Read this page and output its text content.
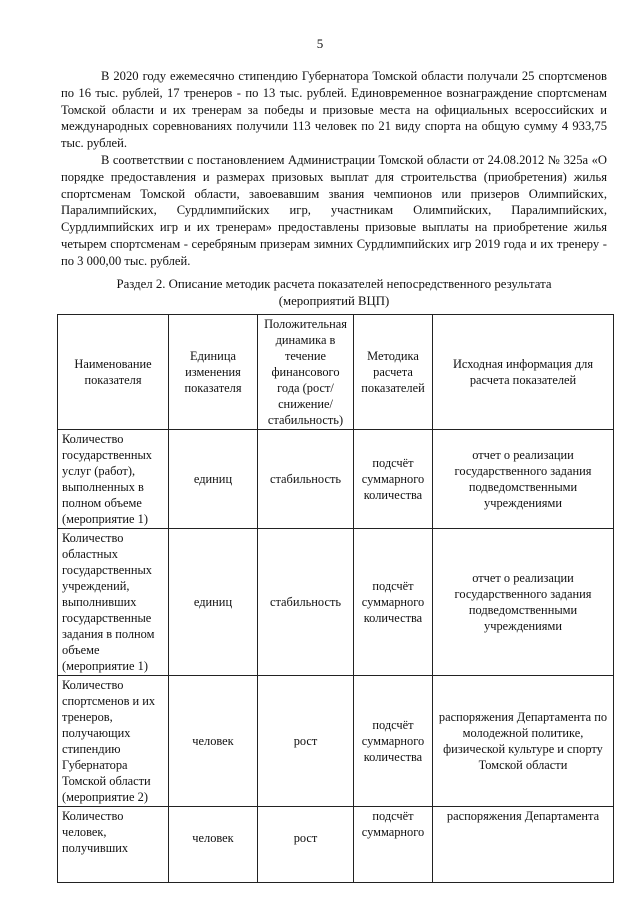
5

В 2020 году ежемесячно стипендию Губернатора Томской области получали 25 спортсменов по 16 тыс. рублей, 17 тренеров - по 13 тыс. рублей. Единовременное вознаграждение спортсменам Томской области и их тренерам за победы и призовые места на официальных всероссийских и международных соревнованиях получили 113 человек по 21 виду спорта на общую сумму 4 933,75 тыс. рублей.

В соответствии с постановлением Администрации Томской области от 24.08.2012 № 325а «О порядке предоставления и размерах призовых выплат для строительства (приобретения) жилья спортсменам Томской области, завоевавшим звания чемпионов или призеров Олимпийских, Паралимпийских, Сурдлимпийских игр, участникам Олимпийских, Паралимпийских, Сурдлимпийских игр и их тренерам» предоставлены призовые выплаты на приобретение жилья четырем спортсменам - серебряным призерам зимних Сурдлимпийских игр 2019 года и их тренеру - по 3 000,00 тыс. рублей.

Раздел 2. Описание методик расчета показателей непосредственного результата
(мероприятий ВЦП)
Наименование показателя	Единица изменения показателя	Положительная динамика в течение финансового года (рост/ снижение/ стабильность)	Методика расчета показателей	Исходная информация для расчета показателей
Количество государственных услуг (работ), выполненных в полном объеме (мероприятие 1)	единиц	стабильность	подсчёт суммарного количества	отчет о реализации государственного задания подведомственными учреждениями
Количество областных государственных учреждений, выполнивших государственные задания в полном объеме (мероприятие 1)	единиц	стабильность	подсчёт суммарного количества	отчет о реализации государственного задания подведомственными учреждениями
Количество спортсменов и их тренеров, получающих стипендию Губернатора Томской области (мероприятие 2)	человек	рост	подсчёт суммарного количества	распоряжения Департамента по молодежной политике, физической культуре и спорту Томской области
Количество человек, получивших	человек	рост	подсчёт суммарного	распоряжения Департамента
